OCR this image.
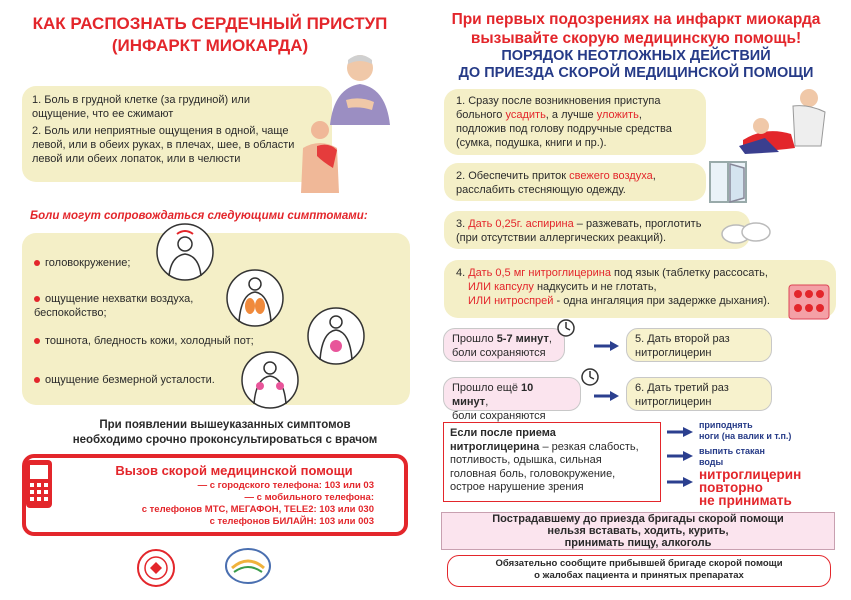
КАК РАСПОЗНАТЬ СЕРДЕЧНЫЙ ПРИСТУП
(ИНФАРКТ МИОКАРДА)
1. Боль в грудной клетке (за грудиной) или ощущение, что ее сжимают
2. Боль или неприятные ощущения в одной, чаще левой, или в обеих руках, в плечах, шее, в области левой или обеих лопаток, или в челюсти
Боли могут сопровождаться следующими симптомами:
головокружение;
ощущение нехватки воздуха, беспокойство;
тошнота, бледность кожи, холодный пот;
ощущение безмерной усталости.
При появлении вышеуказанных симптомов
необходимо срочно проконсультироваться с врачом
Вызов скорой медицинской помощи
— с городского телефона: 103 или 03
— с мобильного телефона:
с телефонов МТС, МЕГАФОН, TELE2: 103 или 030
с телефонов БИЛАЙН: 103 или 003
При первых подозрениях на инфаркт миокарда
вызывайте скорую медицинскую помощь!
ПОРЯДОК НЕОТЛОЖНЫХ ДЕЙСТВИЙ
ДО ПРИЕЗДА СКОРОЙ МЕДИЦИНСКОЙ ПОМОЩИ
1. Сразу после возникновения приступа
больного усадить, а лучше уложить,
подложив под голову подручные средства
(сумка, подушка, книги и пр.).
2. Обеспечить приток свежего воздуха,
расслабить стесняющую одежду.
3. Дать 0,25г. аспирина – разжевать, проглотить
(при отсутствии аллергических реакций).
4. Дать 0,5 мг нитроглицерина под язык (таблетку рассосать,
ИЛИ капсулу надкусить и не глотать,
ИЛИ нитроспрей - одна ингаляция при задержке дыхания).
Прошло 5-7 минут,
боли сохраняются
5. Дать второй раз
нитроглицерин
Прошло ещё 10 минут,
боли сохраняются
6. Дать третий раз
нитроглицерин
Если после приема
нитроглицерина – резкая слабость,
потливость, одышка, сильная
головная боль, головокружение,
острое нарушение зрения
приподнять
ноги (на валик и т.п.)
выпить стакан
воды
нитроглицерин
повторно
не принимать
Пострадавшему до приезда бригады скорой помощи
нельзя вставать, ходить, курить,
принимать пищу, алкоголь
Обязательно сообщите прибывшей бригаде скорой помощи
о жалобах пациента и принятых препаратах
